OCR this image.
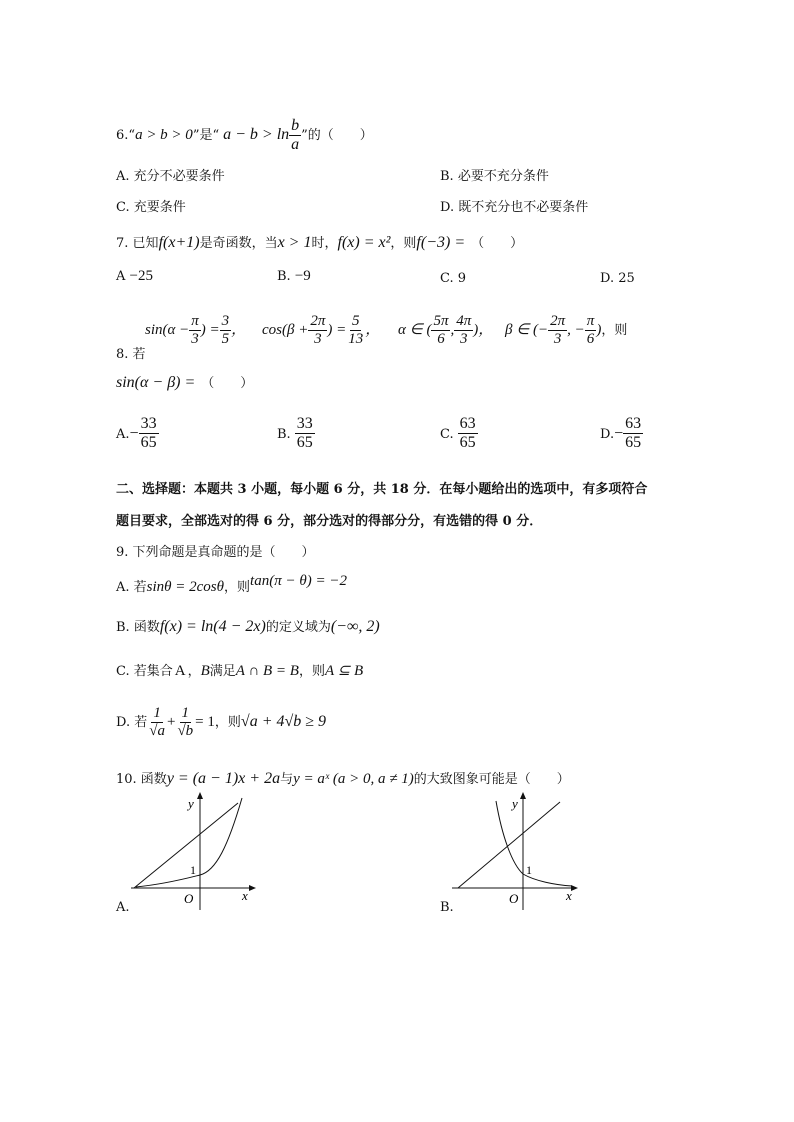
6.“a > b > 0”是“ $a - b > \ln \frac{b}{a}$ ”的（　　）
A. 充分不必要条件	B. 必要不充分条件
C. 充要条件	D. 既不充分也不必要条件
7. 已知f(x+1)是奇函数，当x > 1时，f(x) = x²，则f(−3) = （　　）
A −25	B. −9	C. 9	D. 25
8. 若
$\sin(\alpha - \frac{\pi}{3}$ ) = $\frac{3}{5}$ ， $\cos(\beta + \frac{2\pi}{3}$ ) = $\frac{5}{13}$ ， α ∈ ( $\frac{5\pi}{6}$ , $\frac{4\pi}{3}$ )， β ∈ (− $\frac{2\pi}{3}$ , − $\frac{\pi}{6}$ )，则
sin(α − β) = （　　）
$A.- \frac{33}{65}$	B. $\frac{33}{65}$	C. $\frac{63}{65}$	$D.- \frac{63}{65}$
二、选择题：本题共 3 小题，每小题 6 分，共 18 分．在每小题给出的选项中，有多项符合
题目要求，全部选对的得 6 分，部分选对的得部分分，有选错的得 0 分．
9. 下列命题是真命题的是（　　）
A. 若sinθ = 2cosθ，则tan(π − θ) = −2
B. 函数f(x) = ln(4 − 2x)的定义域为(−∞, 2)
C. 若集合 A ，B满足A ∩ B = B，则A ⊆ B
D. 若 $\frac{1}{√a} + \frac{1}{√b} = 1$，则√a + 4√b ≥ 9
10. 函数y = (a − 1)x + 2a与y = aˣ (a > 0, a ≠ 1)的大致图象可能是（　　）
y
1
O	x
A.
y
1
O	x
B.
